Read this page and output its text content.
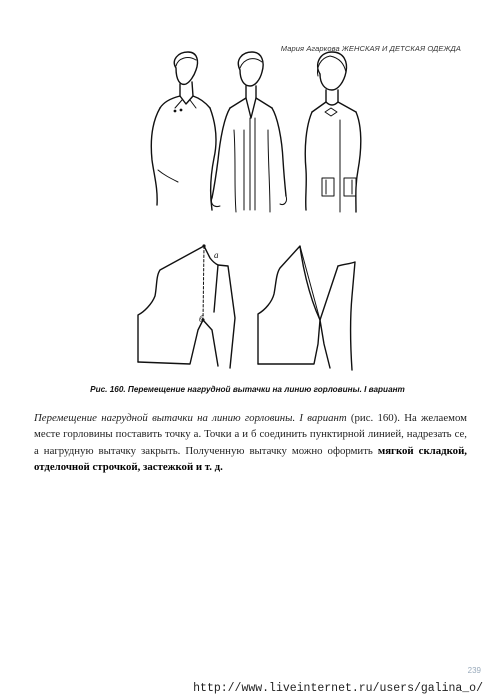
Мария Агаркова ЖЕНСКАЯ И ДЕТСКАЯ ОДЕЖДА
а
б
Рис. 160. Перемещение нагрудной вытачки на линию горловины. I вариант
Перемещение нагрудной вытачки на линию горловины. I вариант (рис. 160). На желаемом месте горловины поставить точку а. Точки а и б соединить пунктирной линией, надрезать се, а нагрудную вытачку закрыть. Полученную вытачку можно оформить мягкой складкой, отделочной строчкой, застежкой и т. д.
239
http://www.liveinternet.ru/users/galina_o/
